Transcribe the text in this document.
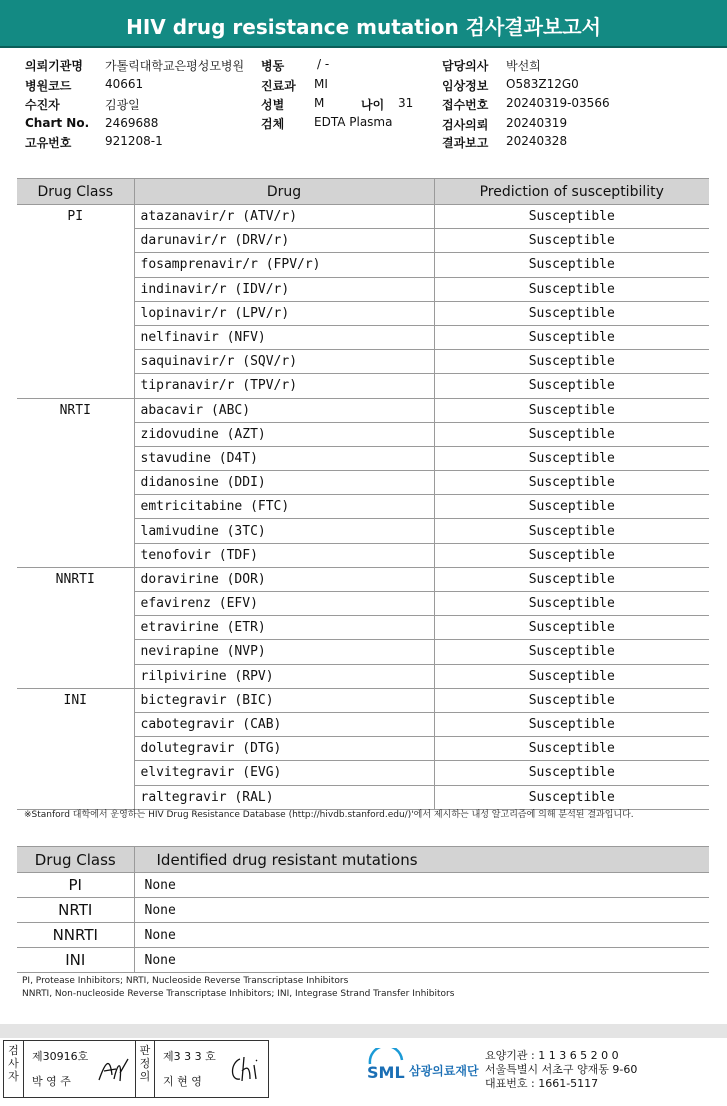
HIV drug resistance mutation 검사결과보고서
의뢰기관명 가톨릭대학교은평성모병원
병원코드	40661
수진자	김광일
Chart No. 2469688
고유번호	921208-1
병동	/ -
진료과 MI
성별 M	나이 31
검체 EDTA Plasma
담당의사 박선희
임상정보 O583Z12G0
접수번호 20240319-03566
검사의뢰 20240319
결과보고 20240328
Drug Class	Drug	Prediction of susceptibility
PI	atazanavir/r (ATV/r)	Susceptible
	darunavir/r (DRV/r)	Susceptible
	fosamprenavir/r (FPV/r)	Susceptible
	indinavir/r (IDV/r)	Susceptible
	lopinavir/r (LPV/r)	Susceptible
	nelfinavir (NFV)	Susceptible
	saquinavir/r (SQV/r)	Susceptible
	tipranavir/r (TPV/r)	Susceptible
NRTI	abacavir (ABC)	Susceptible
	zidovudine (AZT)	Susceptible
	stavudine (D4T)	Susceptible
	didanosine (DDI)	Susceptible
	emtricitabine (FTC)	Susceptible
	lamivudine (3TC)	Susceptible
	tenofovir (TDF)	Susceptible
NNRTI	doravirine (DOR)	Susceptible
	efavirenz (EFV)	Susceptible
	etravirine (ETR)	Susceptible
	nevirapine (NVP)	Susceptible
	rilpivirine (RPV)	Susceptible
INI	bictegravir (BIC)	Susceptible
	cabotegravir (CAB)	Susceptible
	dolutegravir (DTG)	Susceptible
	elvitegravir (EVG)	Susceptible
	raltegravir (RAL)	Susceptible
※Stanford 대학에서 운영하는 HIV Drug Resistance Database (http://hivdb.stanford.edu/)'에서 제시하는 내성 알고리즘에 의해 분석된 결과입니다.
Drug Class	Identified drug resistant mutations
PI	None
NRTI	None
NNRTI	None
INI	None
PI, Protease Inhibitors; NRTI, Nucleoside Reverse Transcriptase Inhibitors
NNRTI, Non-nucleoside Reverse Transcriptase Inhibitors; INI, Integrase Strand Transfer Inhibitors
검사자
제30916호
박 영 주
판정의
제3 3 3 호
지 현 영	SML 삼광의료재단
요양기관 : 1 1 3 6 5 2 0 0
서울특별시 서초구 양재동 9-60
대표번호 : 1661-5117
